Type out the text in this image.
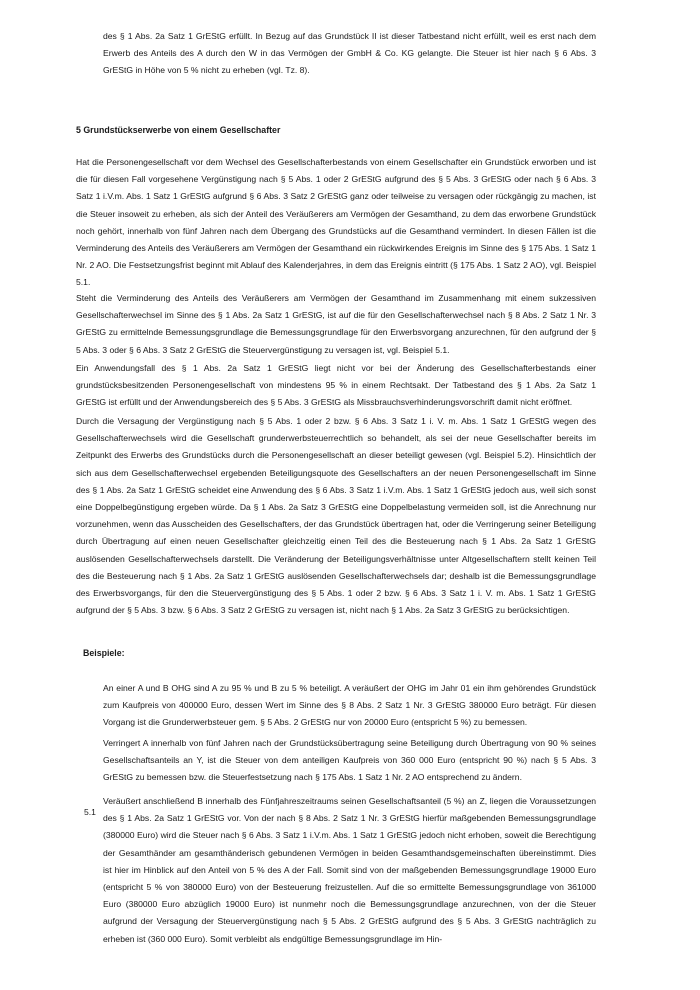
des § 1 Abs. 2a Satz 1 GrEStG erfüllt. In Bezug auf das Grundstück II ist dieser Tatbestand nicht erfüllt, weil es erst nach dem Erwerb des Anteils des A durch den W in das Vermögen der GmbH & Co. KG gelangte. Die Steuer ist hier nach § 6 Abs. 3 GrEStG in Höhe von 5 % nicht zu erheben (vgl. Tz. 8).

5 Grundstückserwerbe von einem Gesellschafter

Hat die Personengesellschaft vor dem Wechsel des Gesellschafterbestands von einem Gesellschafter ein Grundstück erworben und ist die für diesen Fall vorgesehene Vergünstigung nach § 5 Abs. 1 oder 2 GrEStG aufgrund des § 5 Abs. 3 GrEStG oder nach § 6 Abs. 3 Satz 1 i.V.m. Abs. 1 Satz 1 GrEStG aufgrund § 6 Abs. 3 Satz 2 GrEStG ganz oder teilweise zu versagen oder rückgängig zu machen, ist die Steuer insoweit zu erheben, als sich der Anteil des Veräußerers am Vermögen der Gesamthand, zu dem das erworbene Grundstück noch gehört, innerhalb von fünf Jahren nach dem Übergang des Grundstücks auf die Gesamthand vermindert. In diesen Fällen ist die Verminderung des Anteils des Veräußerers am Vermögen der Gesamthand ein rückwirkendes Ereignis im Sinne des § 175 Abs. 1 Satz 1 Nr. 2 AO. Die Festsetzungsfrist beginnt mit Ablauf des Kalenderjahres, in dem das Ereignis eintritt (§ 175 Abs. 1 Satz 2 AO), vgl. Beispiel 5.1.

Steht die Verminderung des Anteils des Veräußerers am Vermögen der Gesamthand im Zusammenhang mit einem sukzessiven Gesellschafterwechsel im Sinne des § 1 Abs. 2a Satz 1 GrEStG, ist auf die für den Gesellschafterwechsel nach § 8 Abs. 2 Satz 1 Nr. 3 GrEStG zu ermittelnde Bemessungsgrundlage die Bemessungsgrundlage für den Erwerbsvorgang anzurechnen, für den aufgrund der § 5 Abs. 3 oder § 6 Abs. 3 Satz 2 GrEStG die Steuervergünstigung zu versagen ist, vgl. Beispiel 5.1.

Ein Anwendungsfall des § 1 Abs. 2a Satz 1 GrEStG liegt nicht vor bei der Änderung des Gesellschafterbestands einer grundstücksbesitzenden Personengesellschaft von mindestens 95 % in einem Rechtsakt. Der Tatbestand des § 1 Abs. 2a Satz 1 GrEStG ist erfüllt und der Anwendungsbereich des § 5 Abs. 3 GrEStG als Missbrauchsverhinderungsvorschrift damit nicht eröffnet.

Durch die Versagung der Vergünstigung nach § 5 Abs. 1 oder 2 bzw. § 6 Abs. 3 Satz 1 i. V. m. Abs. 1 Satz 1 GrEStG wegen des Gesellschafterwechsels wird die Gesellschaft grunderwerbsteuerrechtlich so behandelt, als sei der neue Gesellschafter bereits im Zeitpunkt des Erwerbs des Grundstücks durch die Personengesellschaft an dieser beteiligt gewesen (vgl. Beispiel 5.2). Hinsichtlich der sich aus dem Gesellschafterwechsel ergebenden Beteiligungsquote des Gesellschafters an der neuen Personengesellschaft im Sinne des § 1 Abs. 2a Satz 1 GrEStG scheidet eine Anwendung des § 6 Abs. 3 Satz 1 i.V.m. Abs. 1 Satz 1 GrEStG jedoch aus, weil sich sonst eine Doppelbegünstigung ergeben würde. Da § 1 Abs. 2a Satz 3 GrEStG eine Doppelbelastung vermeiden soll, ist die Anrechnung nur vorzunehmen, wenn das Ausscheiden des Gesellschafters, der das Grundstück übertragen hat, oder die Verringerung seiner Beteiligung durch Übertragung auf einen neuen Gesellschafter gleichzeitig einen Teil des die Besteuerung nach § 1 Abs. 2a Satz 1 GrEStG auslösenden Gesellschafterwechsels darstellt. Die Veränderung der Beteiligungsverhältnisse unter Altgesellschaftern stellt keinen Teil des die Besteuerung nach § 1 Abs. 2a Satz 1 GrEStG auslösenden Gesellschafterwechsels dar; deshalb ist die Bemessungsgrundlage des Erwerbsvorgangs, für den die Steuervergünstigung des § 5 Abs. 1 oder 2 bzw. § 6 Abs. 3 Satz 1 i. V. m. Abs. 1 Satz 1 GrEStG aufgrund der § 5 Abs. 3 bzw. § 6 Abs. 3 Satz 2 GrEStG zu versagen ist, nicht nach § 1 Abs. 2a Satz 3 GrEStG zu berücksichtigen.

Beispiele:

An einer A und B OHG sind A zu 95 % und B zu 5 % beteiligt. A veräußert der OHG im Jahr 01 ein ihm gehörendes Grundstück zum Kaufpreis von 400000 Euro, dessen Wert im Sinne des § 8 Abs. 2 Satz 1 Nr. 3 GrEStG 380000 Euro beträgt. Für diesen Vorgang ist die Grunderwerbsteuer gem. § 5 Abs. 2 GrEStG nur von 20000 Euro (entspricht 5 %) zu bemessen.

Verringert A innerhalb von fünf Jahren nach der Grundstücksübertragung seine Beteiligung durch Übertragung von 90 % seines Gesellschaftsanteils an Y, ist die Steuer von dem anteiligen Kaufpreis von 360 000 Euro (entspricht 90 %) nach § 5 Abs. 3 GrEStG zu bemessen bzw. die Steuerfestsetzung nach § 175 Abs. 1 Satz 1 Nr. 2 AO entsprechend zu ändern.

5.1

Veräußert anschließend B innerhalb des Fünfjahreszeitraums seinen Gesellschaftsanteil (5 %) an Z, liegen die Voraussetzungen des § 1 Abs. 2a Satz 1 GrEStG vor. Von der nach § 8 Abs. 2 Satz 1 Nr. 3 GrEStG hierfür maßgebenden Bemessungsgrundlage (380000 Euro) wird die Steuer nach § 6 Abs. 3 Satz 1 i.V.m. Abs. 1 Satz 1 GrEStG jedoch nicht erhoben, soweit die Berechtigung der Gesamthänder am gesamthänderisch gebundenen Vermögen in beiden Gesamthandsgemeinschaften übereinstimmt. Dies ist hier im Hinblick auf den Anteil von 5 % des A der Fall. Somit sind von der maßgebenden Bemessungsgrundlage 19000 Euro (entspricht 5 % von 380000 Euro) von der Besteuerung freizustellen. Auf die so ermittelte Bemessungsgrundlage von 361000 Euro (380000 Euro abzüglich 19000 Euro) ist nunmehr noch die Bemessungsgrundlage anzurechnen, von der die Steuer aufgrund der Versagung der Steuervergünstigung nach § 5 Abs. 2 GrEStG aufgrund des § 5 Abs. 3 GrEStG nachträglich zu erheben ist (360 000 Euro). Somit verbleibt als endgültige Bemessungsgrundlage im Hin-
